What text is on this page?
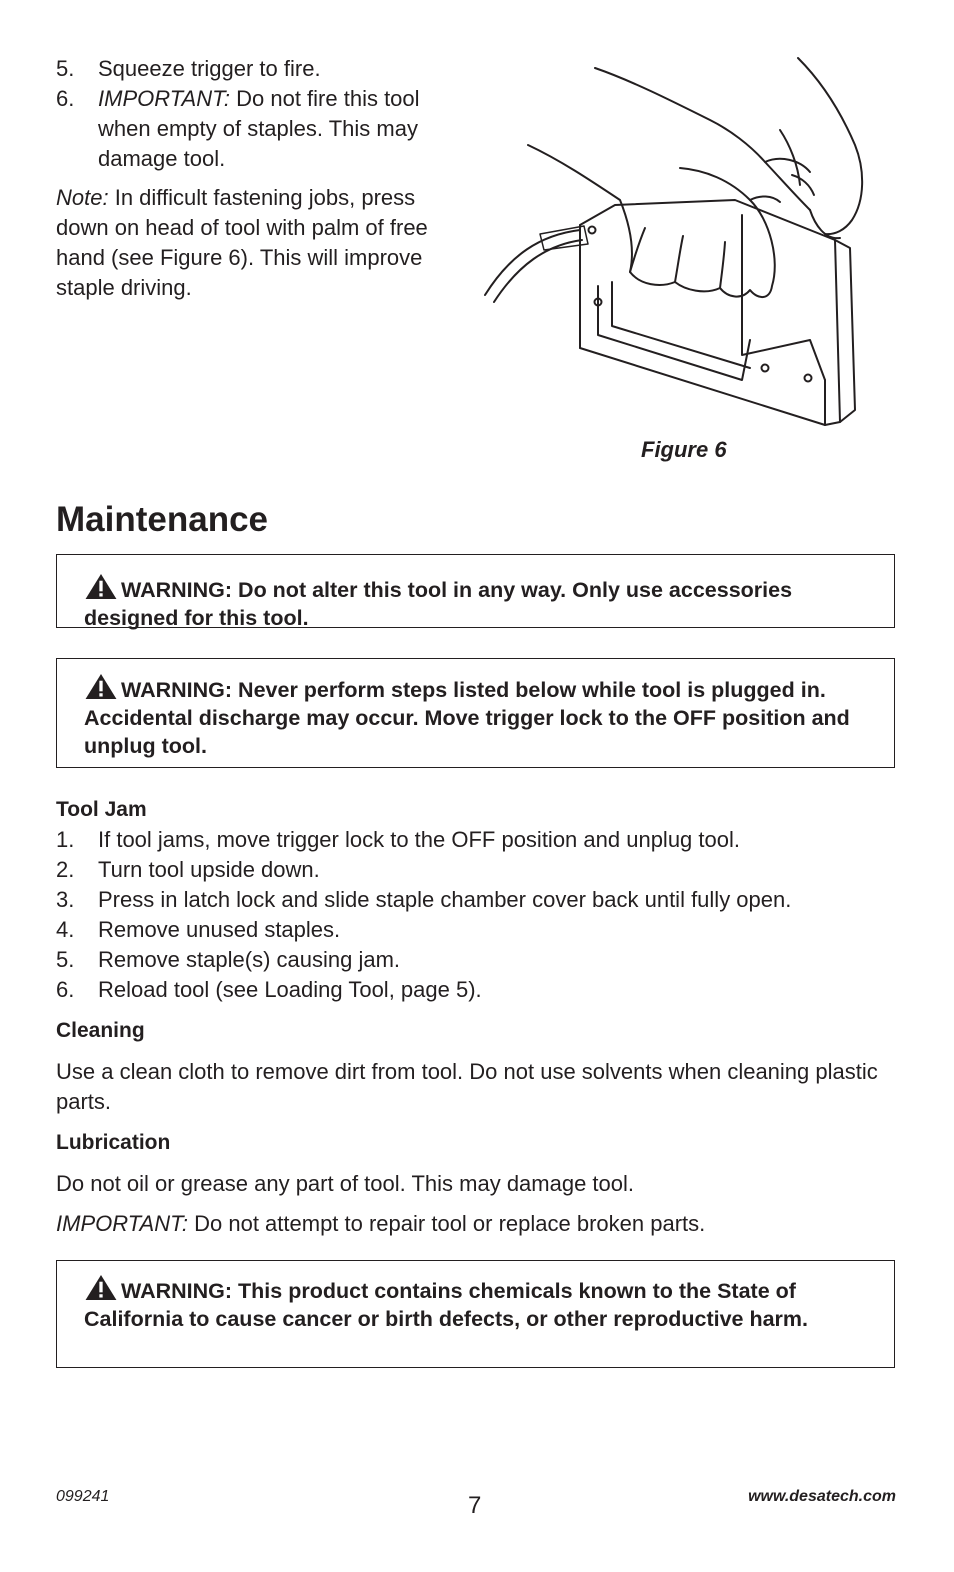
5. Squeeze trigger to fire.
6. IMPORTANT: Do not fire this tool when empty of staples. This may damage tool.

Note: In difficult fastening jobs, press down on head of tool with palm of free hand (see Figure 6). This will improve staple driving.

Figure 6
Maintenance
WARNING: Do not alter this tool in any way. Only use accessories designed for this tool.
WARNING: Never perform steps listed below while tool is plugged in. Accidental discharge may occur. Move trigger lock to the OFF position and unplug tool.
Tool Jam
1. If tool jams, move trigger lock to the OFF position and unplug tool.
2. Turn tool upside down.
3. Press in latch lock and slide staple chamber cover back until fully open.
4. Remove unused staples.
5. Remove staple(s) causing jam.
6. Reload tool (see Loading Tool, page 5).
Cleaning

Use a clean cloth to remove dirt from tool. Do not use solvents when cleaning plastic parts.

Lubrication

Do not oil or grease any part of tool. This may damage tool.

IMPORTANT: Do not attempt to repair tool or replace broken parts.

WARNING: This product contains chemicals known to the State of California to cause cancer or birth defects, or other reproductive harm.
099241	7	www.desatech.com
